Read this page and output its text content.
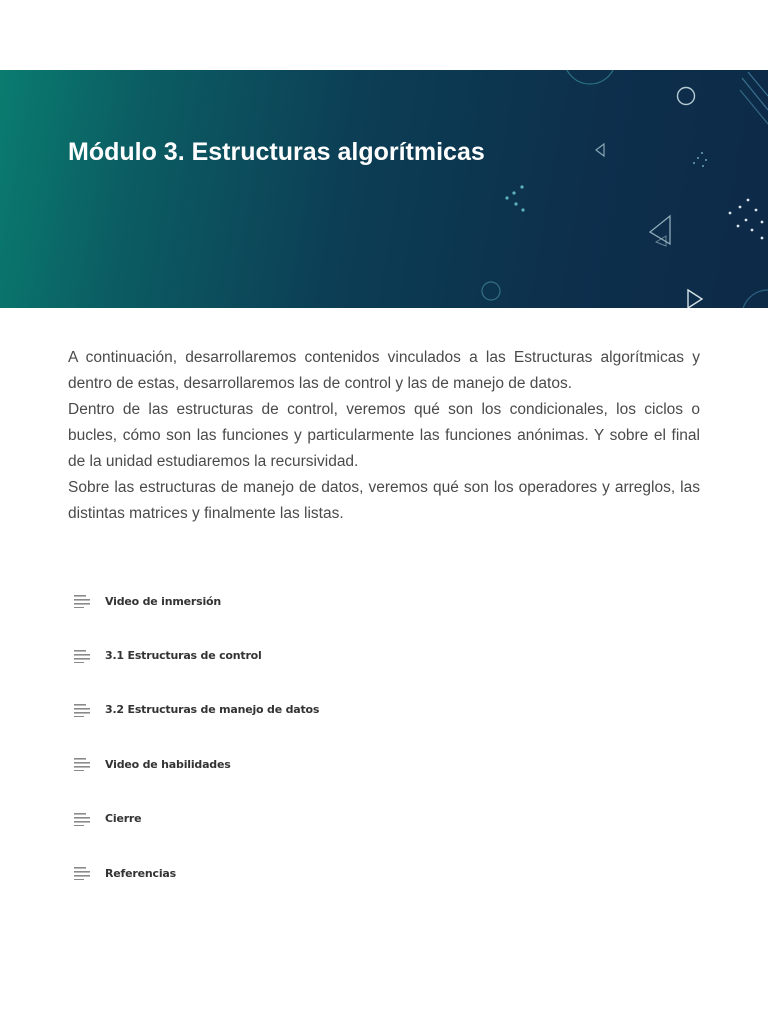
Módulo 3. Estructuras algorítmicas

A continuación, desarrollaremos contenidos vinculados a las Estructuras algorítmicas y dentro de estas, desarrollaremos las de control y las de manejo de datos.

Dentro de las estructuras de control, veremos qué son los condicionales, los ciclos o bucles, cómo son las funciones y particularmente las funciones anónimas. Y sobre el final de la unidad estudiaremos la recursividad.

Sobre las estructuras de manejo de datos, veremos qué son los operadores y arreglos, las distintas matrices y finalmente las listas.

Video de inmersión
3.1 Estructuras de control
3.2 Estructuras de manejo de datos
Video de habilidades
Cierre
Referencias
